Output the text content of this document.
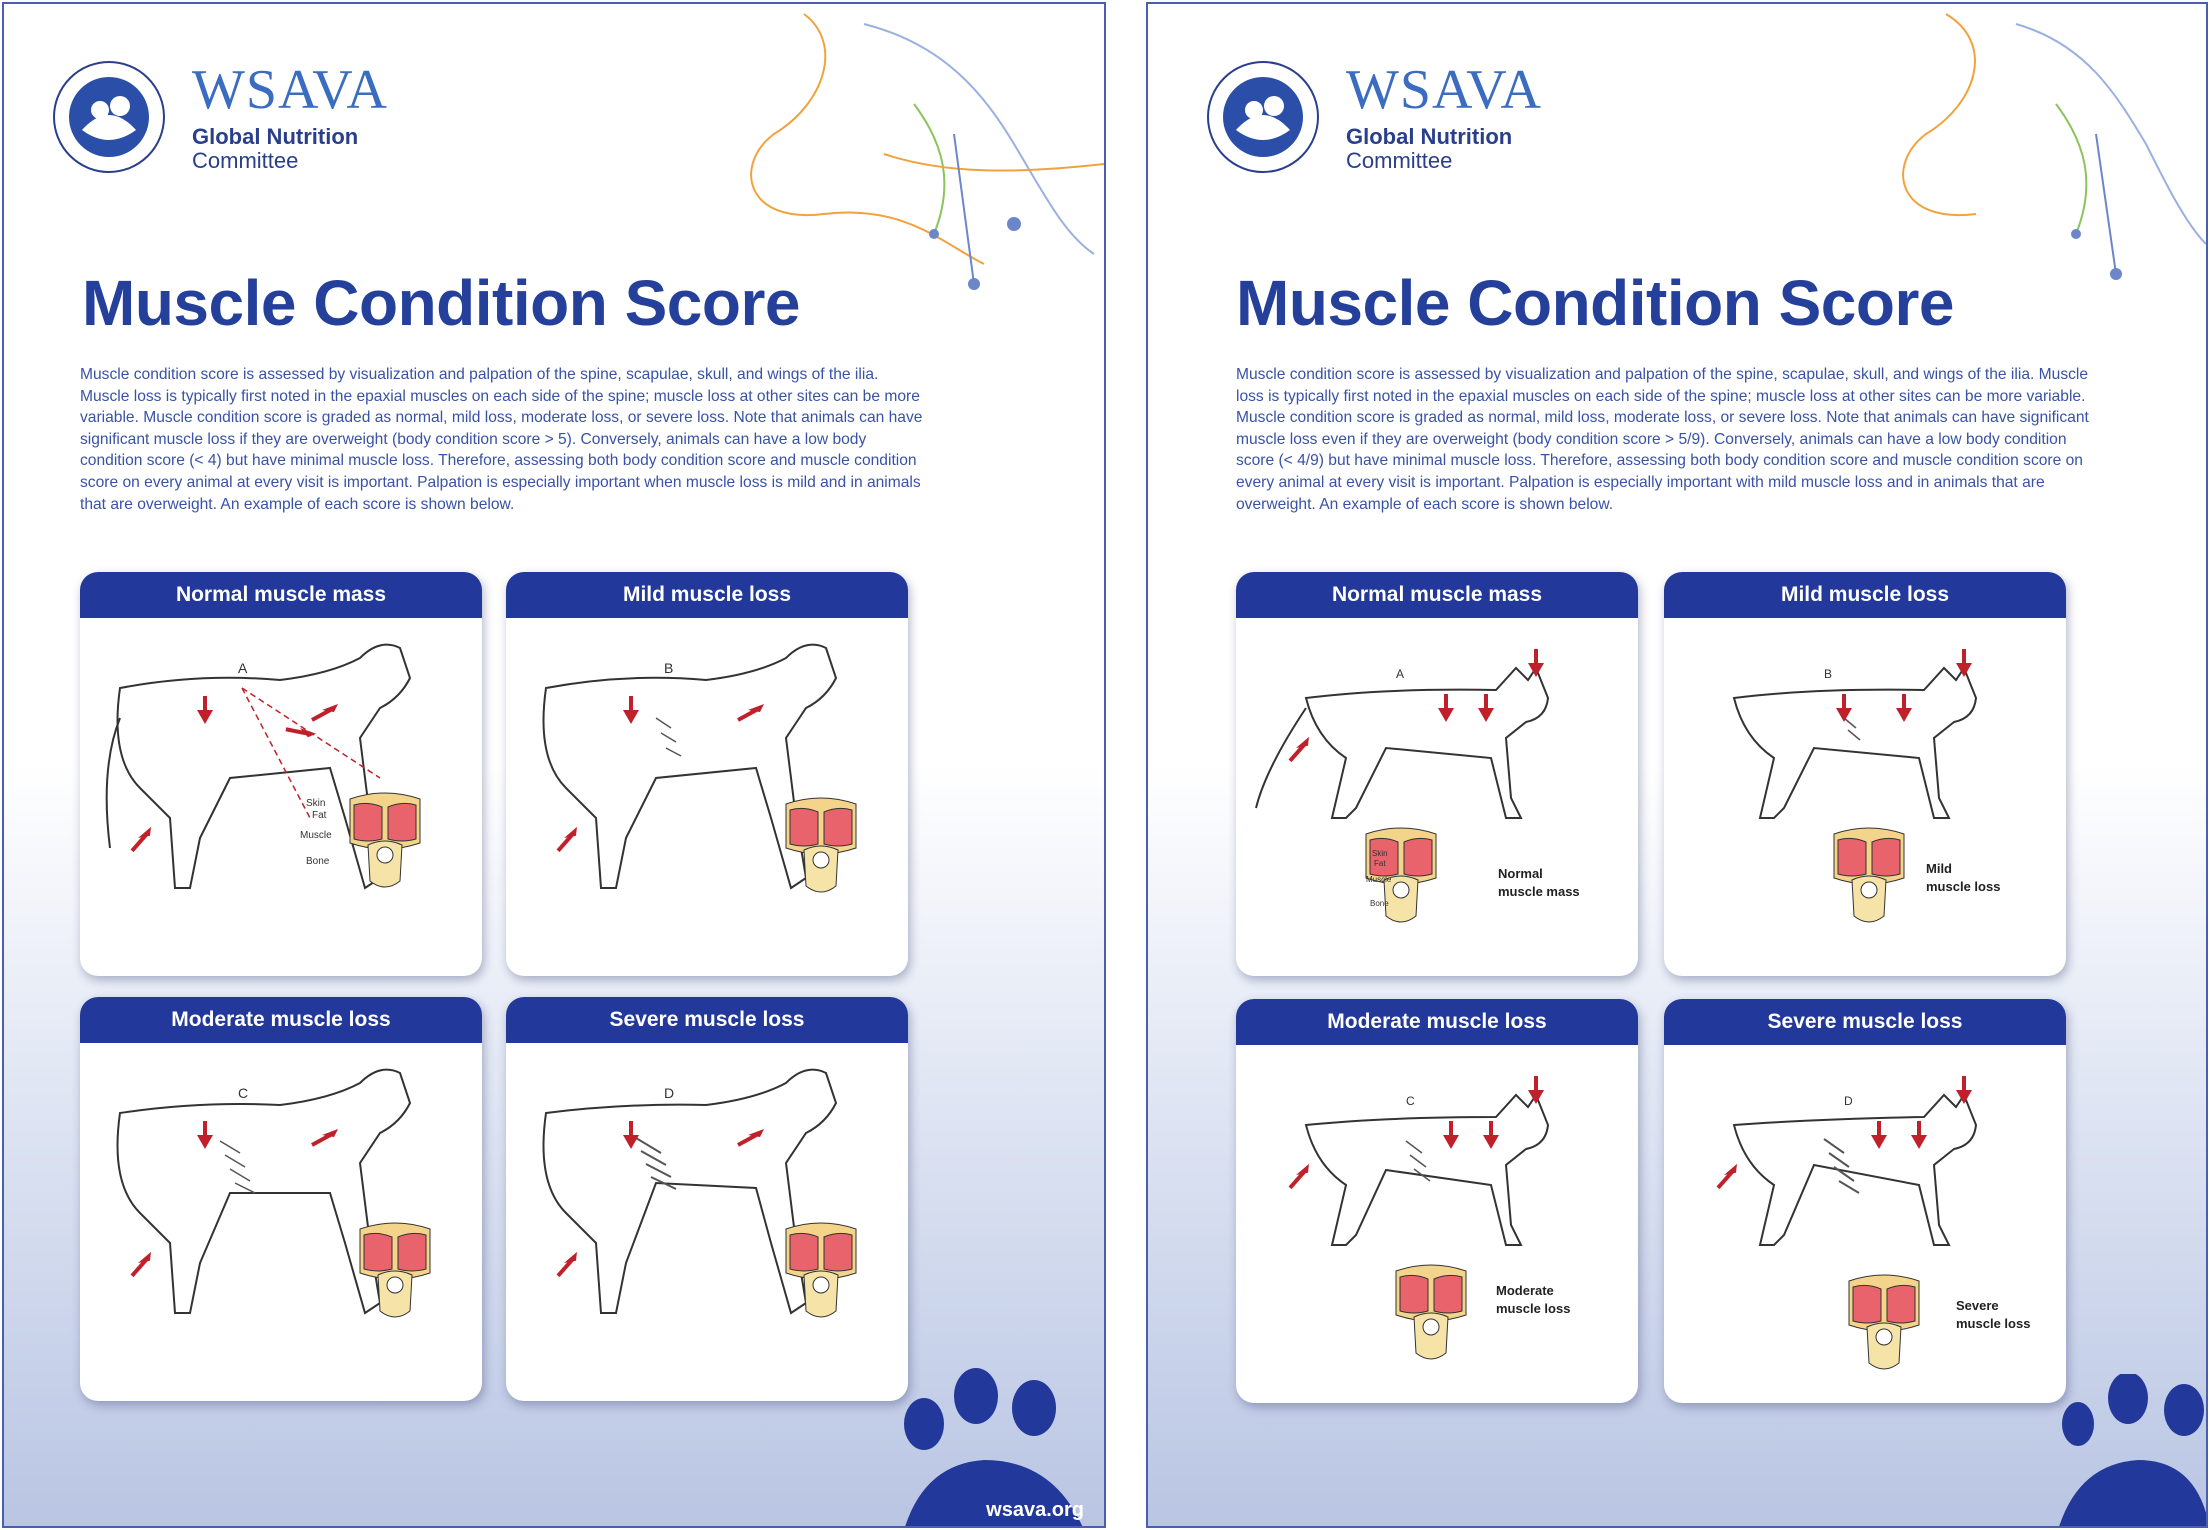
WSAVA
Global Nutrition
Committee
Muscle Condition Score

Muscle condition score is assessed by visualization and palpation of the spine, scapulae, skull, and wings of the ilia. Muscle loss is typically first noted in the epaxial muscles on each side of the spine; muscle loss at other sites can be more variable. Muscle condition score is graded as normal, mild loss, moderate loss, or severe loss. Note that animals can have significant muscle loss if they are overweight (body condition score > 5). Conversely, animals can have a low body condition score (< 4) but have minimal muscle loss. Therefore, assessing both body condition score and muscle condition score on every animal at every visit is important. Palpation is especially important when muscle loss is mild and in animals that are overweight. An example of each score is shown below.

Normal muscle mass
A
Skin
Fat
Muscle
Bone
Mild muscle loss
B
Moderate muscle loss
C
Severe muscle loss
D
wsava.org
WSAVA
Global Nutrition
Committee
Muscle Condition Score

Muscle condition score is assessed by visualization and palpation of the spine, scapulae, skull, and wings of the ilia. Muscle loss is typically first noted in the epaxial muscles on each side of the spine; muscle loss at other sites can be more variable. Muscle condition score is graded as normal, mild loss, moderate loss, or severe loss. Note that animals can have significant muscle loss even if they are overweight (body condition score > 5/9). Conversely, animals can have a low body condition score (< 4/9) but have minimal muscle loss. Therefore, assessing both body condition score and muscle condition score on every animal at every visit is important. Palpation is especially important with mild muscle loss and in animals that are overweight. An example of each score is shown below.

Normal muscle mass
A
Normal
muscle mass
Skin
Fat
Muscle
Bone
Mild muscle loss
B
Mild
muscle loss
Moderate muscle loss
C
Moderate
muscle loss
Severe muscle loss
D
Severe
muscle loss
